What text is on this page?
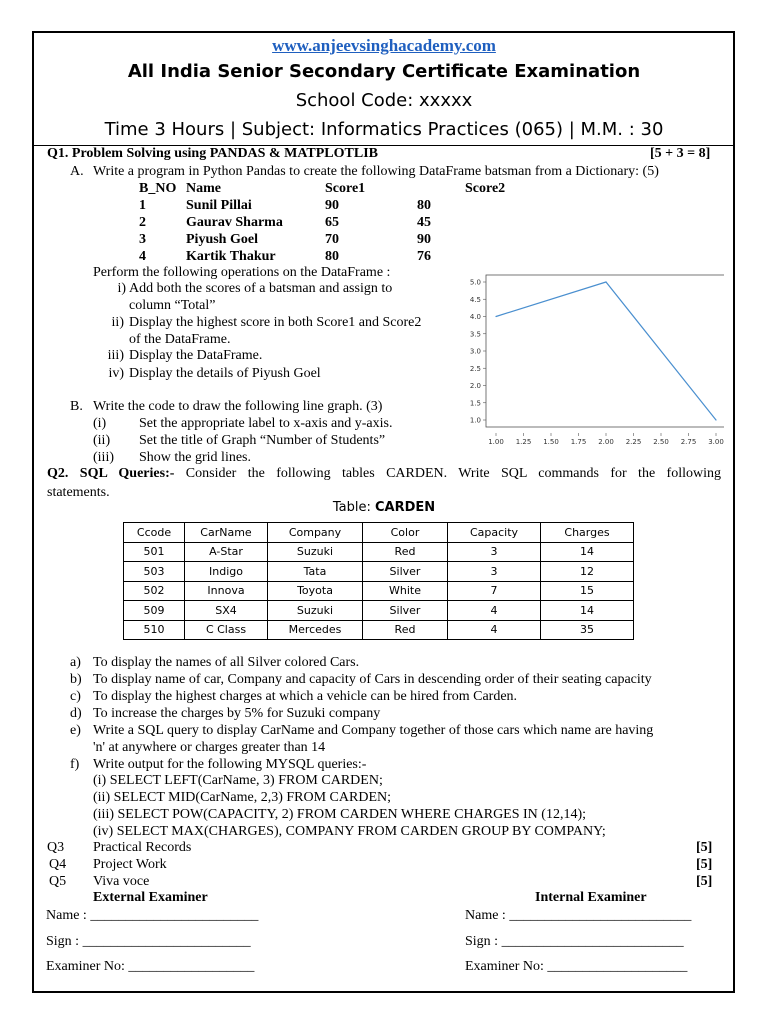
www.anjeevsinghacademy.com
All India Senior Secondary Certificate Examination
School Code: xxxxx
Time 3 Hours | Subject: Informatics Practices (065) | M.M. : 30
Q1. Problem Solving using PANDAS & MATPLOTLIB	[5 + 3 = 8]
A. Write a program in Python Pandas to create the following DataFrame batsman from a Dictionary: (5)
B_NO Name	Score1	Score2
1	Sunil Pillai	90	80
2	Gaurav Sharma	65	45
3	Piyush Goel	70	90
4	Kartik Thakur	80	76
Perform the following operations on the DataFrame :
i) Add both the scores of a batsman and assign to
column “Total”
ii) Display the highest score in both Score1 and Score2
of the DataFrame.
iii) Display the DataFrame.
iv) Display the details of Piyush Goel
B. Write the code to draw the following line graph. (3)
(i) Set the appropriate label to x-axis and y-axis.
(ii) Set the title of Graph “Number of Students”
(iii) Show the grid lines.
5.0
4.5
4.0
3.5
3.0
2.5
2.0
1.5
1.0
1.00 1.25 1.50 1.75 2.00 2.25 2.50 2.75 3.00
Q2. SQL Queries:- Consider the following tables CARDEN. Write SQL commands for the following
statements.
Table: CARDEN
Ccode	CarName	Company	Color	Capacity	Charges
501	A-Star	Suzuki	Red	3	14
503	Indigo	Tata	Silver	3	12
502	Innova	Toyota	White	7	15
509	SX4	Suzuki	Silver	4	14
510	C Class	Mercedes	Red	4	35
a) To display the names of all Silver colored Cars.
b) To display name of car, Company and capacity of Cars in descending order of their seating capacity
c) To display the highest charges at which a vehicle can be hired from Carden.
d) To increase the charges by 5% for Suzuki company
e) Write a SQL query to display CarName and Company together of those cars which name are having
'n' at anywhere or charges greater than 14
f) Write output for the following MYSQL queries:-
(i) SELECT LEFT(CarName, 3) FROM CARDEN;
(ii) SELECT MID(CarName, 2,3) FROM CARDEN;
(iii) SELECT POW(CAPACITY, 2) FROM CARDEN WHERE CHARGES IN (12,14);
(iv) SELECT MAX(CHARGES), COMPANY FROM CARDEN GROUP BY COMPANY;
Q3 Practical Records	[5]
Q4 Project Work	[5]
Q5 Viva voce	[5]
External Examiner	Internal Examiner
Name : ________________________	Name : __________________________
Sign : ________________________	Sign : __________________________
Examiner No: __________________	Examiner No: ____________________
